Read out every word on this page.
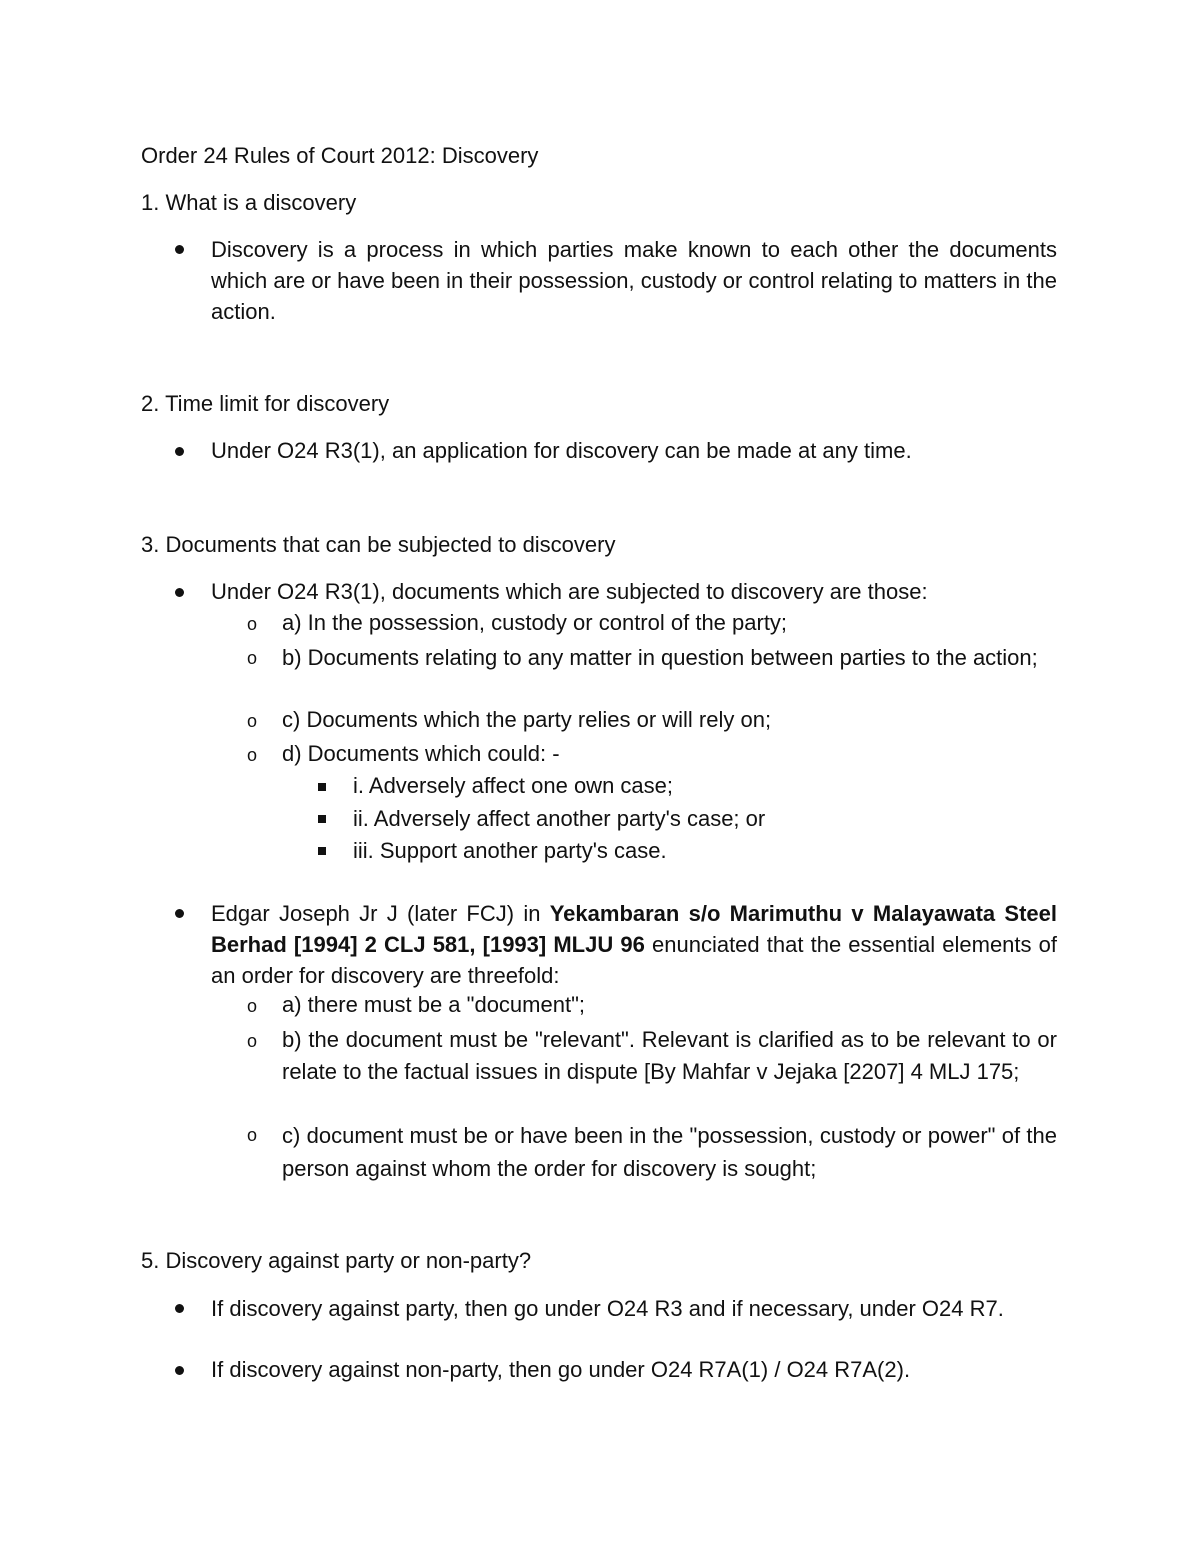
Order 24 Rules of Court 2012: Discovery
1. What is a discovery
Discovery is a process in which parties make known to each other the documents which are or have been in their possession, custody or control relating to matters in the action.
2. Time limit for discovery
Under O24 R3(1), an application for discovery can be made at any time.
3. Documents that can be subjected to discovery
Under O24 R3(1), documents which are subjected to discovery are those:
o	a) In the possession, custody or control of the party;
o	b) Documents relating to any matter in question between parties to the action;
o	c) Documents which the party relies or will rely on;
o	d) Documents which could: -
i. Adversely affect one own case;
ii. Adversely affect another party's case; or
iii. Support another party's case.
Edgar Joseph Jr J (later FCJ) in Yekambaran s/o Marimuthu v Malayawata Steel Berhad [1994] 2 CLJ 581, [1993] MLJU 96 enunciated that the essential elements of an order for discovery are threefold:
o	a) there must be a "document";
o	b) the document must be "relevant". Relevant is clarified as to be relevant to or relate to the factual issues in dispute [By Mahfar v Jejaka [2207] 4 MLJ 175;
o	c) document must be or have been in the "possession, custody or power" of the person against whom the order for discovery is sought;
5. Discovery against party or non-party?
If discovery against party, then go under O24 R3 and if necessary, under O24 R7.
If discovery against non-party, then go under O24 R7A(1) / O24 R7A(2).
